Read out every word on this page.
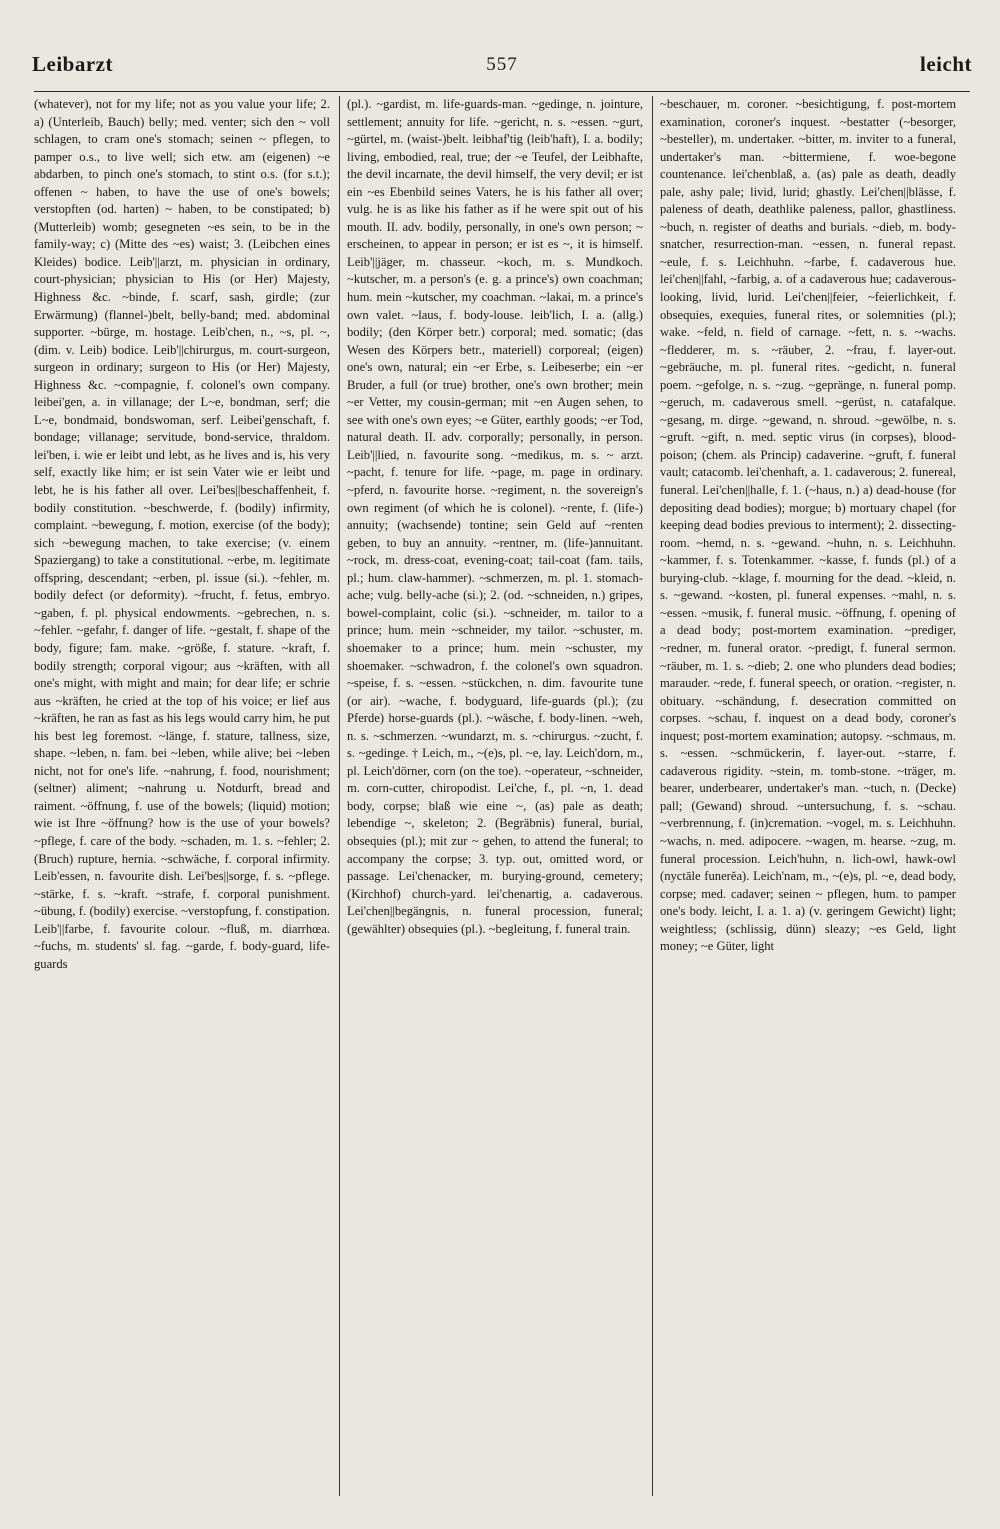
Leibarzt	557	leicht

(whatever), not for my life; not as you value your life; 2. a) (Unterleib, Bauch) belly; med. venter; sich den ~ voll schlagen, to cram one's stomach; seinen ~ pflegen, to pamper o.s., to live well; sich etw. am (eigenen) ~e abdarben, to pinch one's stomach, to stint o.s. (for s.t.); offenen ~ haben, to have the use of one's bowels; verstopften (od. harten) ~ haben, to be constipated; b) (Mutterleib) womb; gesegneten ~es sein, to be in the family-way; c) (Mitte des ~es) waist; 3. (Leibchen eines Kleides) bodice. Leib'||arzt, m. physician in ordinary, court-physician; physician to His (or Her) Majesty, Highness &c. ~binde, f. scarf, sash, girdle; (zur Erwärmung) (flannel-)belt, belly-band; med. abdominal supporter. ~bürge, m. hostage. Leib'chen, n., ~s, pl. ~, (dim. v. Leib) bodice. Leib'||chirurgus, m. court-surgeon, surgeon in ordinary; surgeon to His (or Her) Majesty, Highness &c. ~compagnie, f. colonel's own company. leibei'gen, a. in villanage; der L~e, bondman, serf; die L~e, bondmaid, bondswoman, serf. Leibei'genschaft, f. bondage; villanage; servitude, bond-service, thraldom. lei'ben, i. wie er leibt und lebt, as he lives and is, his very self, exactly like him; er ist sein Vater wie er leibt und lebt, he is his father all over. Lei'bes||beschaffenheit, f. bodily constitution. ~beschwerde, f. (bodily) infirmity, complaint. ~bewegung, f. motion, exercise (of the body); sich ~bewegung machen, to take exercise; (v. einem Spaziergang) to take a constitutional. ~erbe, m. legitimate offspring, descendant; ~erben, pl. issue (si.). ~fehler, m. bodily defect (or deformity). ~frucht, f. fetus, embryo. ~gaben, f. pl. physical endowments. ~gebrechen, n. s. ~fehler. ~gefahr, f. danger of life. ~gestalt, f. shape of the body, figure; fam. make. ~größe, f. stature. ~kraft, f. bodily strength; corporal vigour; aus ~kräften, with all one's might, with might and main; for dear life; er schrie aus ~kräften, he cried at the top of his voice; er lief aus ~kräften, he ran as fast as his legs would carry him, he put his best leg foremost. ~länge, f. stature, tallness, size, shape. ~leben, n. fam. bei ~leben, while alive; bei ~leben nicht, not for one's life. ~nahrung, f. food, nourishment; (seltner) aliment; ~nahrung u. Notdurft, bread and raiment. ~öffnung, f. use of the bowels; (liquid) motion; wie ist Ihre ~öffnung? how is the use of your bowels? ~pflege, f. care of the body. ~schaden, m. 1. s. ~fehler; 2. (Bruch) rupture, hernia. ~schwäche, f. corporal infirmity. Leib'essen, n. favourite dish. Lei'bes||sorge, f. s. ~pflege. ~stärke, f. s. ~kraft. ~strafe, f. corporal punishment. ~übung, f. (bodily) exercise. ~verstopfung, f. constipation. Leib'||farbe, f. favourite colour. ~fluß, m. diarrhœa. ~fuchs, m. students' sl. fag. ~garde, f. body-guard, life-guards

(pl.). ~gardist, m. life-guards-man. ~gedinge, n. jointure, settlement; annuity for life. ~gericht, n. s. ~essen. ~gurt, ~gürtel, m. (waist-)belt. leibhaf'tig (leib'haft), I. a. bodily; living, embodied, real, true; der ~e Teufel, der Leibhafte, the devil incarnate, the devil himself, the very devil; er ist ein ~es Ebenbild seines Vaters, he is his father all over; vulg. he is as like his father as if he were spit out of his mouth. II. adv. bodily, personally, in one's own person; ~ erscheinen, to appear in person; er ist es ~, it is himself. Leib'||jäger, m. chasseur. ~koch, m. s. Mundkoch. ~kutscher, m. a person's (e. g. a prince's) own coachman; hum. mein ~kutscher, my coachman. ~lakai, m. a prince's own valet. ~laus, f. body-louse. leib'lich, I. a. (allg.) bodily; (den Körper betr.) corporal; med. somatic; (das Wesen des Körpers betr., materiell) corporeal; (eigen) one's own, natural; ein ~er Erbe, s. Leibeserbe; ein ~er Bruder, a full (or true) brother, one's own brother; mein ~er Vetter, my cousin-german; mit ~en Augen sehen, to see with one's own eyes; ~e Güter, earthly goods; ~er Tod, natural death. II. adv. corporally; personally, in person. Leib'||lied, n. favourite song. ~medikus, m. s. ~ arzt. ~pacht, f. tenure for life. ~page, m. page in ordinary. ~pferd, n. favourite horse. ~regiment, n. the sovereign's own regiment (of which he is colonel). ~rente, f. (life-) annuity; (wachsende) tontine; sein Geld auf ~renten geben, to buy an annuity. ~rentner, m. (life-)annuitant. ~rock, m. dress-coat, evening-coat; tail-coat (fam. tails, pl.; hum. claw-hammer). ~schmerzen, m. pl. 1. stomach-ache; vulg. belly-ache (si.); 2. (od. ~schneiden, n.) gripes, bowel-complaint, colic (si.). ~schneider, m. tailor to a prince; hum. mein ~schneider, my tailor. ~schuster, m. shoemaker to a prince; hum. mein ~schuster, my shoemaker. ~schwadron, f. the colonel's own squadron. ~speise, f. s. ~essen. ~stückchen, n. dim. favourite tune (or air). ~wache, f. bodyguard, life-guards (pl.); (zu Pferde) horse-guards (pl.). ~wäsche, f. body-linen. ~weh, n. s. ~schmerzen. ~wundarzt, m. s. ~chirurgus. ~zucht, f. s. ~gedinge. † Leich, m., ~(e)s, pl. ~e, lay. Leich'dorn, m., pl. Leich'dörner, corn (on the toe). ~operateur, ~schneider, m. corn-cutter, chiropodist. Lei'che, f., pl. ~n, 1. dead body, corpse; blaß wie eine ~, (as) pale as death; lebendige ~, skeleton; 2. (Begräbnis) funeral, burial, obsequies (pl.); mit zur ~ gehen, to attend the funeral; to accompany the corpse; 3. typ. out, omitted word, or passage. Lei'chenacker, m. burying-ground, cemetery; (Kirchhof) church-yard. lei'chenartig, a. cadaverous. Lei'chen||begängnis, n. funeral procession, funeral; (gewählter) obsequies (pl.). ~begleitung, f. funeral train.

~beschauer, m. coroner. ~besichtigung, f. post-mortem examination, coroner's inquest. ~bestatter (~besorger, ~besteller), m. undertaker. ~bitter, m. inviter to a funeral, undertaker's man. ~bittermiene, f. woe-begone countenance. lei'chenblaß, a. (as) pale as death, deadly pale, ashy pale; livid, lurid; ghastly. Lei'chen||blässe, f. paleness of death, deathlike paleness, pallor, ghastliness. ~buch, n. register of deaths and burials. ~dieb, m. body-snatcher, resurrection-man. ~essen, n. funeral repast. ~eule, f. s. Leichhuhn. ~farbe, f. cadaverous hue. lei'chen||fahl, ~farbig, a. of a cadaverous hue; cadaverous-looking, livid, lurid. Lei'chen||feier, ~feierlichkeit, f. obsequies, exequies, funeral rites, or solemnities (pl.); wake. ~feld, n. field of carnage. ~fett, n. s. ~wachs. ~fledderer, m. s. ~räuber, 2. ~frau, f. layer-out. ~gebräuche, m. pl. funeral rites. ~gedicht, n. funeral poem. ~gefolge, n. s. ~zug. ~gepränge, n. funeral pomp. ~geruch, m. cadaverous smell. ~gerüst, n. catafalque. ~gesang, m. dirge. ~gewand, n. shroud. ~gewölbe, n. s. ~gruft. ~gift, n. med. septic virus (in corpses), blood-poison; (chem. als Princip) cadaverine. ~gruft, f. funeral vault; catacomb. lei'chenhaft, a. 1. cadaverous; 2. funereal, funeral. Lei'chen||halle, f. 1. (~haus, n.) a) dead-house (for depositing dead bodies); morgue; b) mortuary chapel (for keeping dead bodies previous to interment); 2. dissecting-room. ~hemd, n. s. ~gewand. ~huhn, n. s. Leichhuhn. ~kammer, f. s. Totenkammer. ~kasse, f. funds (pl.) of a burying-club. ~klage, f. mourning for the dead. ~kleid, n. s. ~gewand. ~kosten, pl. funeral expenses. ~mahl, n. s. ~essen. ~musik, f. funeral music. ~öffnung, f. opening of a dead body; post-mortem examination. ~prediger, ~redner, m. funeral orator. ~predigt, f. funeral sermon. ~räuber, m. 1. s. ~dieb; 2. one who plunders dead bodies; marauder. ~rede, f. funeral speech, or oration. ~register, n. obituary. ~schändung, f. desecration committed on corpses. ~schau, f. inquest on a dead body, coroner's inquest; post-mortem examination; autopsy. ~schmaus, m. s. ~essen. ~schmückerin, f. layer-out. ~starre, f. cadaverous rigidity. ~stein, m. tomb-stone. ~träger, m. bearer, underbearer, undertaker's man. ~tuch, n. (Decke) pall; (Gewand) shroud. ~untersuchung, f. s. ~schau. ~verbrennung, f. (in)cremation. ~vogel, m. s. Leichhuhn. ~wachs, n. med. adipocere. ~wagen, m. hearse. ~zug, m. funeral procession. Leich'huhn, n. lich-owl, hawk-owl (nyctāle funerĕa). Leich'nam, m., ~(e)s, pl. ~e, dead body, corpse; med. cadaver; seinen ~ pflegen, hum. to pamper one's body. leicht, I. a. 1. a) (v. geringem Gewicht) light; weightless; (schlissig, dünn) sleazy; ~es Geld, light money; ~e Güter, light
